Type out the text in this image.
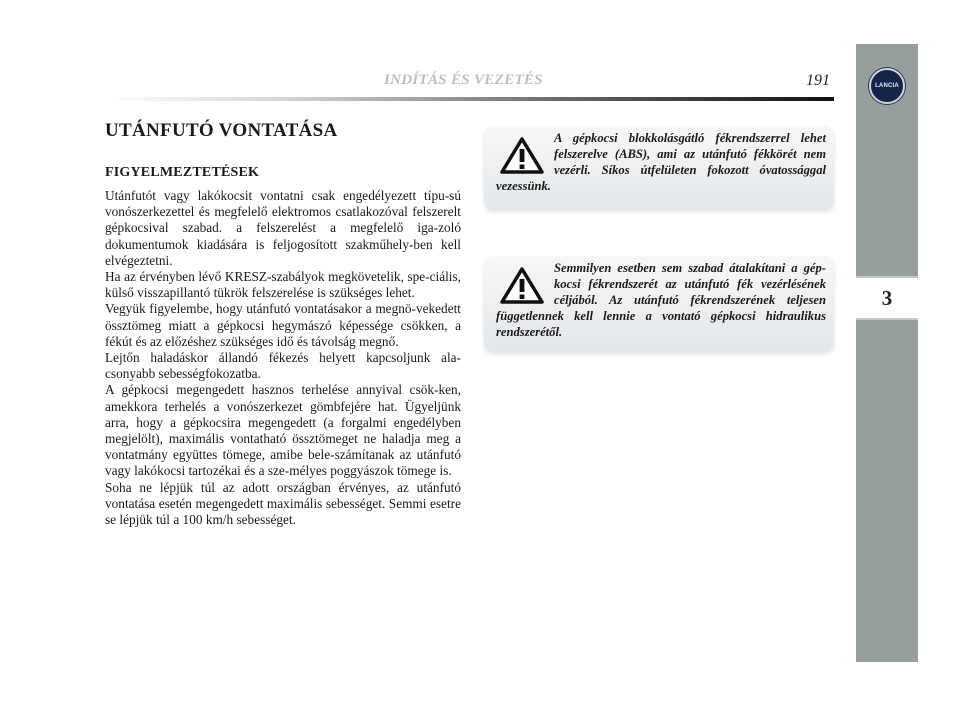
INDÍTÁS ÉS VEZETÉS	191	LANCIA
3
UTÁNFUTÓ VONTATÁSA
FIGYELMEZTETÉSEK

Utánfutót vagy lakókocsit vontatni csak engedélyezett típu-sú vonószerkezettel és megfelelő elektromos csatlakozóval felszerelt gépkocsival szabad. a felszerelést a megfelelő iga-zoló dokumentumok kiadására is feljogosított szakműhely-ben kell elvégeztetni.

Ha az érvényben lévő KRESZ-szabályok megkövetelik, spe-ciális, külső visszapillantó tükrök felszerelése is szükséges lehet.

Vegyük figyelembe, hogy utánfutó vontatásakor a megnö-vekedett össztömeg miatt a gépkocsi hegymászó képessége csökken, a fékút és az előzéshez szükséges idő és távolság megnő.

Lejtőn haladáskor állandó fékezés helyett kapcsoljunk ala-csonyabb sebességfokozatba.

A gépkocsi megengedett hasznos terhelése annyival csök-ken, amekkora terhelés a vonószerkezet gömbfejére hat. Ügyeljünk arra, hogy a gépkocsira megengedett (a forgalmi engedélyben megjelölt), maximális vontatható össztömeget ne haladja meg a vontatmány együttes tömege, amibe bele-számítanak az utánfutó vagy lakókocsi tartozékai és a sze-mélyes poggyászok tömege is.

Soha ne lépjük túl az adott országban érvényes, az utánfutó vontatása esetén megengedett maximális sebességet. Semmi esetre se lépjük túl a 100 km/h sebességet.

A gépkocsi blokkolásgátló fékrendszerrel lehet felszerelve (ABS), ami az utánfutó fékkörét nem vezérli. Síkos útfelületen fokozott óvatossággal vezessünk.
Semmilyen esetben sem szabad átalakítani a gép-kocsi fékrendszerét az utánfutó fék vezérlésének céljából. Az utánfutó fékrendszerének teljesen függetlennek kell lennie a vontató gépkocsi hidraulikus rendszerétől.
